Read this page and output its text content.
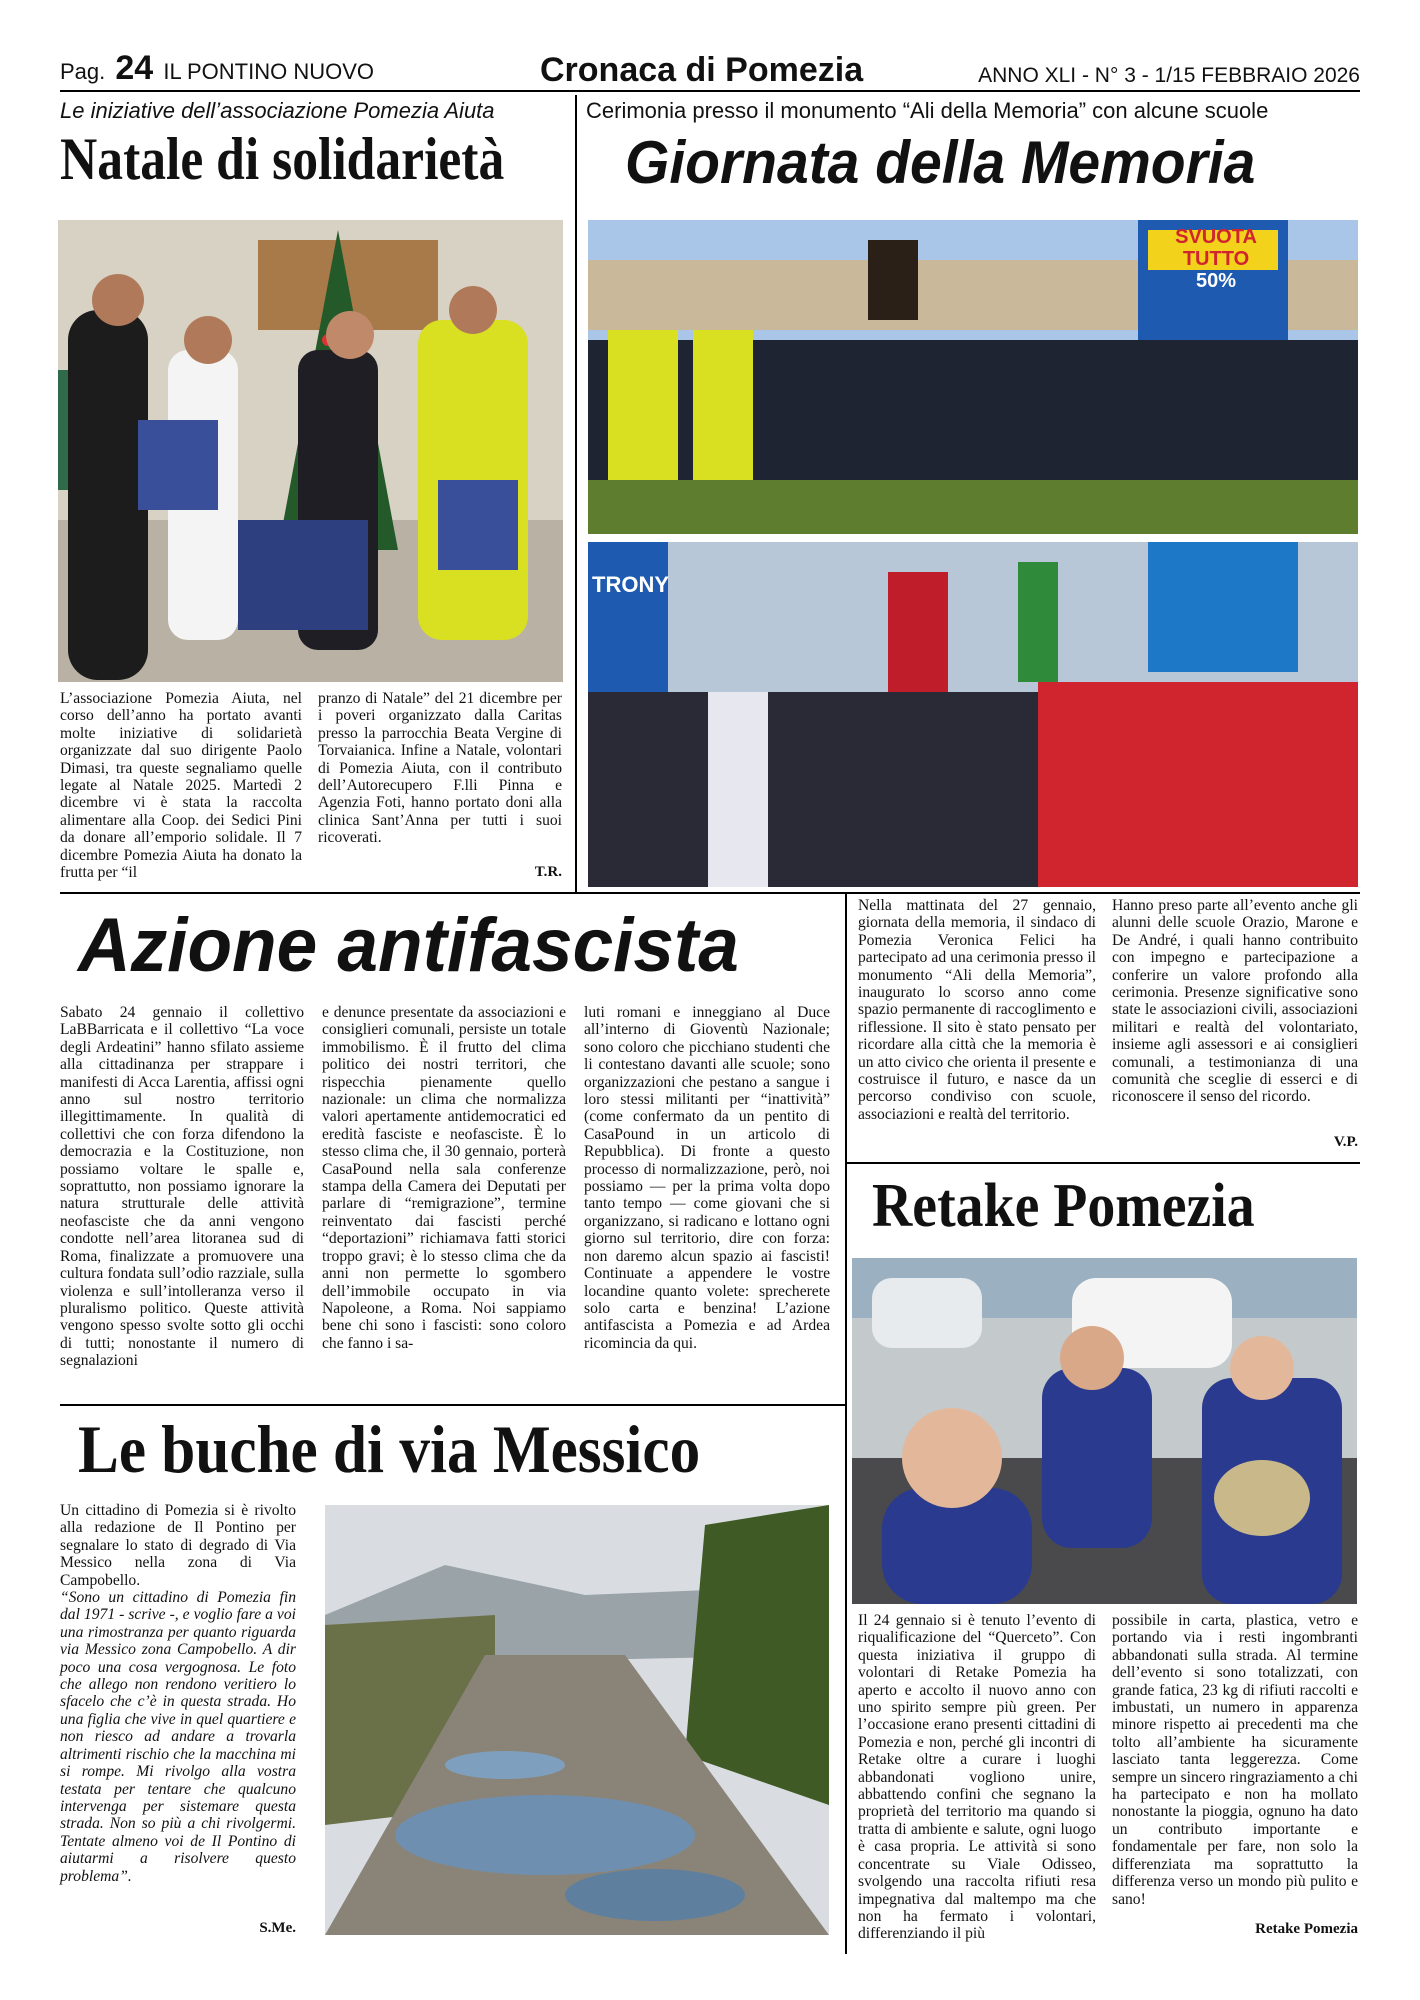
Pag. 24 IL PONTINO NUOVO	Cronaca di Pomezia	ANNO XLI - N° 3 - 1/15 FEBBRAIO 2026
Le iniziative dell’associazione Pomezia Aiuta
Natale di solidarietà
L’associazione Pomezia Aiuta, nel corso dell’anno ha portato avanti molte iniziative di solidarietà organizzate dal suo dirigente Paolo Dimasi, tra queste segnaliamo quelle legate al Natale 2025. Martedì 2 dicembre vi è stata la raccolta alimentare alla Coop. dei Sedici Pini da donare all’emporio solidale. Il 7 dicembre Pomezia Aiuta ha donato la frutta per “il
pranzo di Natale” del 21 dicembre per i poveri organizzato dalla Caritas presso la parrocchia Beata Vergine di Torvaianica. Infine a Natale, volontari di Pomezia Aiuta, con il contributo dell’Autorecupero F.lli Pinna e Agenzia Foti, hanno portato doni alla clinica Sant’Anna per tutti i suoi ricoverati.
T.R.
Cerimonia presso il monumento “Ali della Memoria” con alcune scuole
Giornata della Memoria
SVUOTA TUTTO
50%
TRONY
Nella mattinata del 27 gennaio, giornata della memoria, il sindaco di Pomezia Veronica Felici ha partecipato ad una cerimonia presso il monumento “Ali della Memoria”, inaugurato lo scorso anno come spazio permanente di raccoglimento e riflessione. Il sito è stato pensato per ricordare alla città che la memoria è un atto civico che orienta il presente e costruisce il futuro, e nasce da un percorso condiviso con scuole, associazioni e realtà del territorio.
Hanno preso parte all’evento anche gli alunni delle scuole Orazio, Marone e De André, i quali hanno contribuito con impegno e partecipazione a conferire un valore profondo alla cerimonia. Presenze significative sono state le associazioni civili, associazioni militari e realtà del volontariato, insieme agli assessori e ai consiglieri comunali, a testimonianza di una comunità che sceglie di esserci e di riconoscere il senso del ricordo.
V.P.
Azione antifascista
Sabato 24 gennaio il collettivo LaBBarricata e il collettivo “La voce degli Ardeatini” hanno sfilato assieme alla cittadinanza per strappare i manifesti di Acca Larentia, affissi ogni anno sul nostro territorio illegittimamente. In qualità di collettivi che con forza difendono la democrazia e la Costituzione, non possiamo voltare le spalle e, soprattutto, non possiamo ignorare la natura strutturale delle attività neofasciste che da anni vengono condotte nell’area litoranea sud di Roma, finalizzate a promuovere una cultura fondata sull’odio razziale, sulla violenza e sull’intolleranza verso il pluralismo politico. Queste attività vengono spesso svolte sotto gli occhi di tutti; nonostante il numero di segnalazioni
e denunce presentate da associazioni e consiglieri comunali, persiste un totale immobilismo. È il frutto del clima politico dei nostri territori, che rispecchia pienamente quello nazionale: un clima che normalizza valori apertamente antidemocratici ed eredità fasciste e neofasciste. È lo stesso clima che, il 30 gennaio, porterà CasaPound nella sala conferenze stampa della Camera dei Deputati per parlare di “remigrazione”, termine reinventato dai fascisti perché “deportazioni” richiamava fatti storici troppo gravi; è lo stesso clima che da anni non permette lo sgombero dell’immobile occupato in via Napoleone, a Roma. Noi sappiamo bene chi sono i fascisti: sono coloro che fanno i sa-
luti romani e inneggiano al Duce all’interno di Gioventù Nazionale; sono coloro che picchiano studenti che li contestano davanti alle scuole; sono organizzazioni che pestano a sangue i loro stessi militanti per “inattività” (come confermato da un pentito di CasaPound in un articolo di Repubblica). Di fronte a questo processo di normalizzazione, però, noi possiamo — per la prima volta dopo tanto tempo — come giovani che si organizzano, si radicano e lottano ogni giorno sul territorio, dire con forza: non daremo alcun spazio ai fascisti! Continuate a appendere le vostre locandine quanto volete: sprecherete solo carta e benzina! L’azione antifascista a Pomezia e ad Ardea ricomincia da qui.
Retake Pomezia
Il 24 gennaio si è tenuto l’evento di riqualificazione del “Querceto”. Con questa iniziativa il gruppo di volontari di Retake Pomezia ha aperto e accolto il nuovo anno con uno spirito sempre più green. Per l’occasione erano presenti cittadini di Pomezia e non, perché gli incontri di Retake oltre a curare i luoghi abbandonati vogliono unire, abbattendo confini che segnano la proprietà del territorio ma quando si tratta di ambiente e salute, ogni luogo è casa propria. Le attività si sono concentrate su Viale Odisseo, svolgendo una raccolta rifiuti resa impegnativa dal maltempo ma che non ha fermato i volontari, differenziando il più
possibile in carta, plastica, vetro e portando via i resti ingombranti abbandonati sulla strada. Al termine dell’evento si sono totalizzati, con grande fatica, 23 kg di rifiuti raccolti e imbustati, un numero in apparenza minore rispetto ai precedenti ma che tolto all’ambiente ha sicuramente lasciato tanta leggerezza. Come sempre un sincero ringraziamento a chi ha partecipato e non ha mollato nonostante la pioggia, ognuno ha dato un contributo importante e fondamentale per fare, non solo la differenziata ma soprattutto la differenza verso un mondo più pulito e sano!
Retake Pomezia
Le buche di via Messico

Un cittadino di Pomezia si è rivolto alla redazione de Il Pontino per segnalare lo stato di degrado di Via Messico nella zona di Via Campobello.

“Sono un cittadino di Pomezia fin dal 1971 - scrive -, e voglio fare a voi una rimostranza per quanto riguarda via Messico zona Campobello. A dir poco una cosa vergognosa. Le foto che allego non rendono veritiero lo sfacelo che c’è in questa strada. Ho una figlia che vive in quel quartiere e non riesco ad andare a trovarla altrimenti rischio che la macchina mi si rompe. Mi rivolgo alla vostra testata per tentare che qualcuno intervenga per sistemare questa strada. Non so più a chi rivolgermi. Tentate almeno voi de Il Pontino di aiutarmi a risolvere questo problema”.

S.Me.
